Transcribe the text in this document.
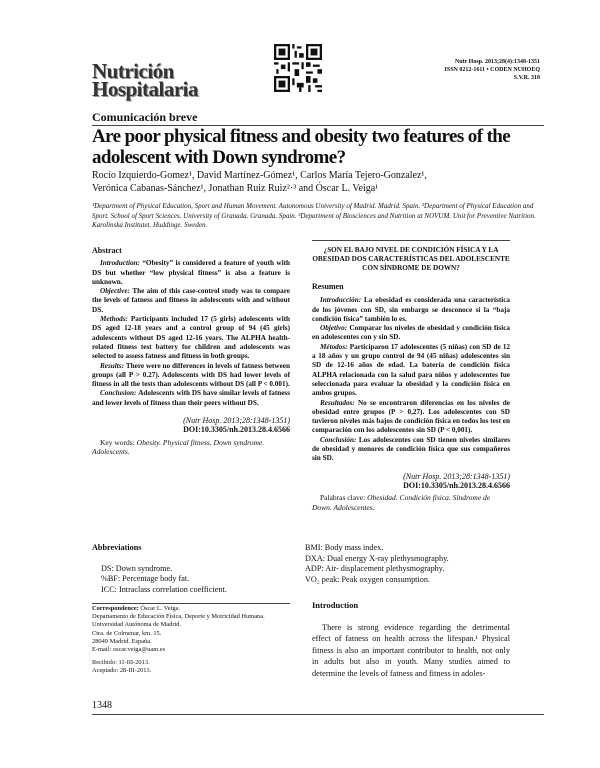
Nutrición
Hospitalaria
Nutr Hosp. 2013;28(4):1348-1351
ISSN 0212-1611 • CODEN NUHOEQ
S.V.R. 318
Comunicación breve
Are poor physical fitness and obesity two features of the adolescent with Down syndrome?
Rocío Izquierdo-Gomez¹, David Martínez-Gómez¹, Carlos María Tejero-Gonzalez¹,
Verónica Cabanas-Sánchez¹, Jonathan Ruiz Ruiz²·³ and Óscar L. Veiga¹
¹Department of Physical Education, Sport and Human Movement. Autonomous University of Madrid. Madrid. Spain. ²Department of Physical Education and Sport. School of Sport Sciences. University of Granada. Granada. Spain. ³Department of Biosciences and Nutrition at NOVUM. Unit for Preventive Nutrition. Karolinska Institutet. Huddinge. Sweden.
Abstract

Introduction: “Obesity” is considered a feature of youth with DS but whether “low physical fitness” is also a feature is unknown.

Objective: The aim of this case-control study was to compare the levels of fatness and fitness in adolescents with and without DS.

Methods: Participants included 17 (5 girls) adolescents with DS aged 12-18 years and a control group of 94 (45 girls) adolescents without DS aged 12-16 years. The ALPHA health-related fitness test battery for children and adolescents was selected to assess fatness and fitness in both groups.

Results: There were no differences in levels of fatness between groups (all P > 0.27). Adolescents with DS had lower levels of fitness in all the tests than adolescents without DS (all P < 0.001).

Conclusion: Adolescents with DS have similar levels of fatness and lower levels of fitness than their peers without DS.

(Nutr Hosp. 2013;28:1348-1351)

DOI:10.3305/nh.2013.28.4.6566

Key words: Obesity. Physical fitness. Down syndrome. Adolescents.

¿SON EL BAJO NIVEL DE CONDICIÓN FÍSICA Y LA OBESIDAD DOS CARACTERÍSTICAS DEL ADOLESCENTE CON SÍNDROME DE DOWN?
Resumen

Introducción: La obesidad es considerada una característica de los jóvenes con SD, sin embargo se desconoce si la “baja condición física” también lo es.

Objetivo: Comparar los niveles de obesidad y condición física en adolescentes con y sin SD.

Métodos: Participaron 17 adolescentes (5 niñas) con SD de 12 a 18 años y un grupo control de 94 (45 niñas) adolescentes sin SD de 12-16 años de edad. La batería de condición física ALPHA relacionada con la salud para niños y adolescentes fue seleccionada para evaluar la obesidad y la condición física en ambos grupos.

Resultados: No se encontraron diferencias en los niveles de obesidad entre grupos (P > 0,27). Los adolescentes con SD tuvieron niveles más bajos de condición física en todos los test en comparación con los adolescentes sin SD (P < 0,001).

Conclusión: Los adolescentes con SD tienen niveles similares de obesidad y menores de condición física que sus compañeros sin SD.

(Nutr Hosp. 2013;28:1348-1351)

DOI:10.3305/nh.2013.28.4.6566

Palabras clave: Obesidad. Condición física. Síndrome de Down. Adolescentes.

Abbreviations
DS: Down syndrome.
%BF: Percentage body fat.
ICC: Intraclass correlation coefficient.
BMI: Body mass index.
DXA: Dual energy X-ray plethysmography.
ADP: Air- displacement plethysmography.
VO₂ peak: Peak oxygen consumption.
Correspondence: Óscar L. Veiga.
Departamento de Educación Física, Deporte y Motricidad Humana.
Universidad Autónoma de Madrid.
Ctra. de Colmenar, km. 15.
28049 Madrid. España.
E-mail: oscar.veiga@uam.es
Recibido: 11-III-2013.
Aceptado: 28-III-2013.
Introduction

There is strong evidence regarding the detrimental effect of fatness on health across the lifespan.¹ Physical fitness is also an important contributor to health, not only in adults but also in youth. Many studies aimed to determine the levels of fatness and fitness in adoles-

1348
